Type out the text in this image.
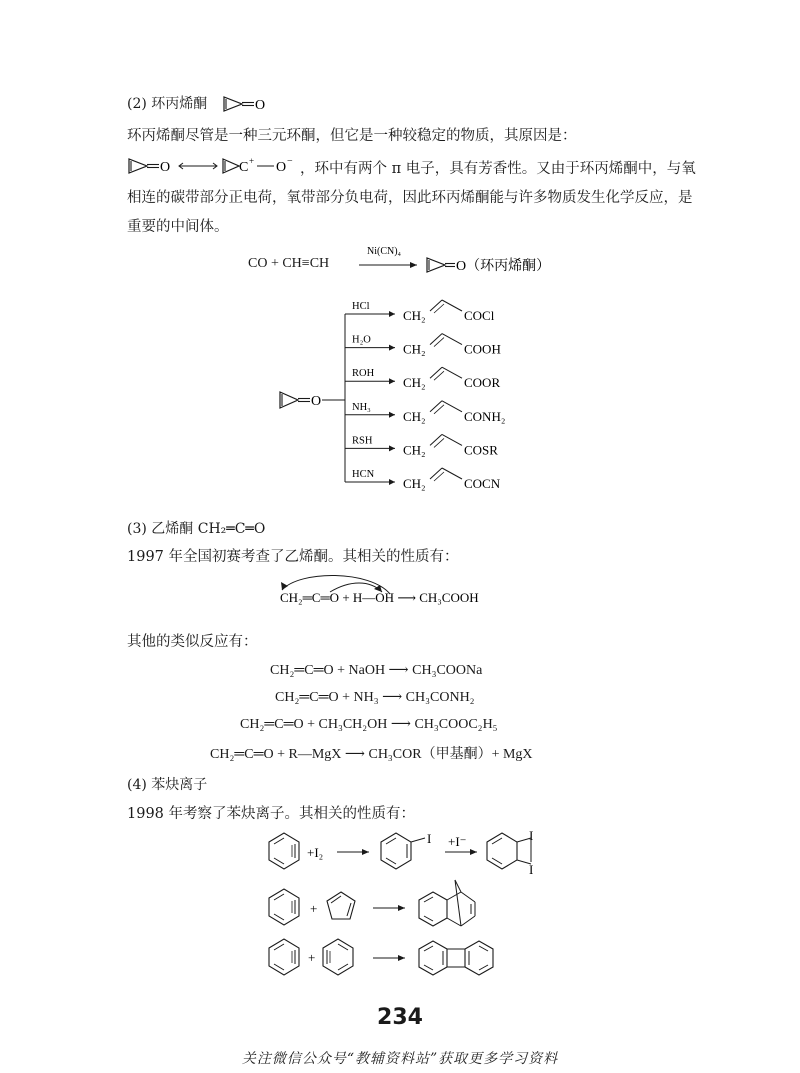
(2) 环丙烯酮	O
环丙烯酮尽管是一种三元环酮，但它是一种较稳定的物质，其原因是：
O	C + O − ，环中有两个 π 电子，具有芳香性。又由于环丙烯酮中，与氧
相连的碳带部分正电荷，氧带部分负电荷，因此环丙烯酮能与许多物质发生化学反应，是
重要的中间体。
CO + CH≡CH
Ni(CN)₄
O（环丙烯酮）
O
HCl
CH₂	COCl
H₂O
CH₂	COOH
ROH
CH₂	COOR
NH₃
CH₂	CONH₂
RSH
CH₂	COSR
HCN
CH₂	COCN
(3) 乙烯酮 CH₂═C═O
1997 年全国初赛考查了乙烯酮。其相关的性质有：
CH₂═C═O + H—OH ⟶ CH₃COOH
其他的类似反应有：
CH₂═C═O + NaOH ⟶ CH₃COONa
CH₂═C═O + NH₃ ⟶ CH₃CONH₂
CH₂═C═O + CH₃CH₂OH ⟶ CH₃COOC₂H₅
CH₂═C═O + R—MgX ⟶ CH₃COR（甲基酮）+ MgX
(4) 苯炔离子
1998 年考察了苯炔离子。其相关的性质有：
+I₂
I +I⁻	I
I
+
+
234
关注微信公众号“教辅资料站”获取更多学习资料
